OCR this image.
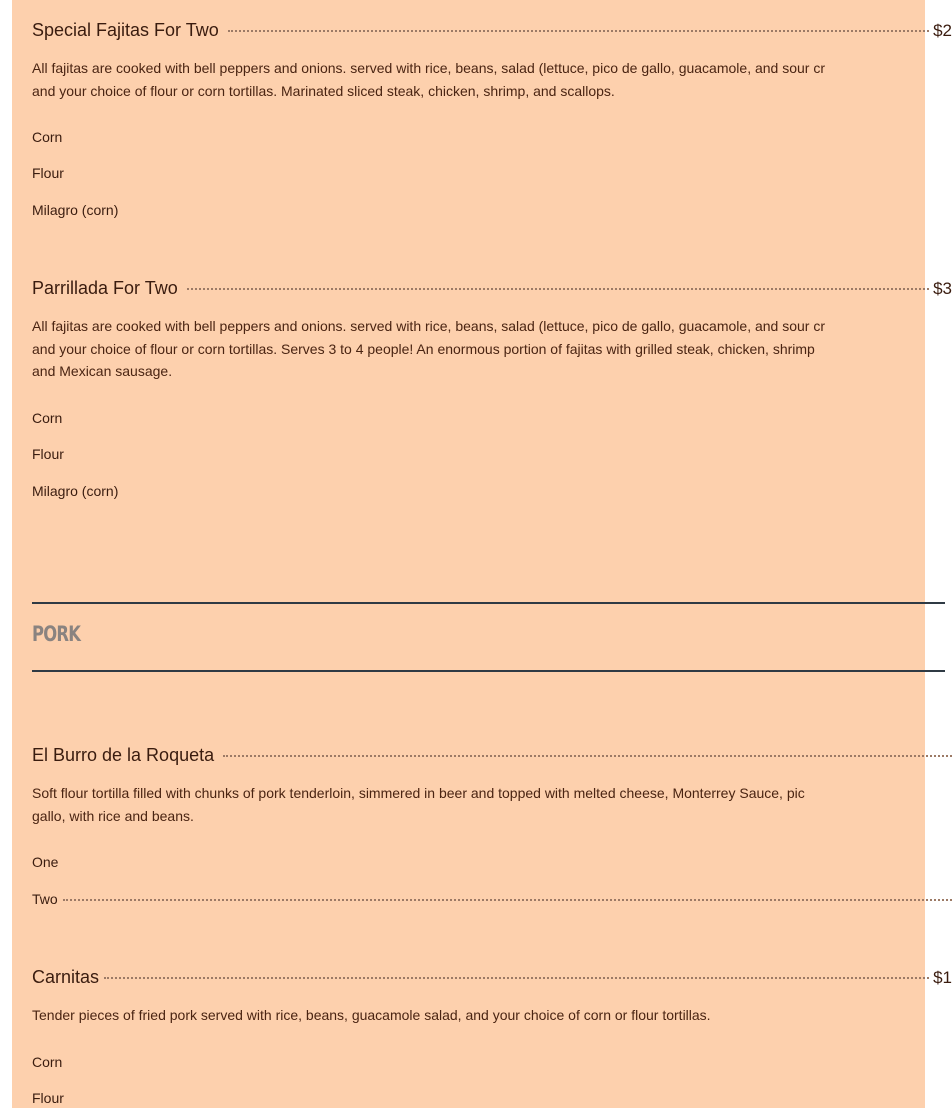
Special Fajitas For Two	$2
All fajitas are cooked with bell peppers and onions. served with rice, beans, salad (lettuce, pico de gallo, guacamole, and sour cr
and your choice of flour or corn tortillas. Marinated sliced steak, chicken, shrimp, and scallops.
Corn
Flour
Milagro (corn)
Parrillada For Two	$3
All fajitas are cooked with bell peppers and onions. served with rice, beans, salad (lettuce, pico de gallo, guacamole, and sour cr
and your choice of flour or corn tortillas. Serves 3 to 4 people! An enormous portion of fajitas with grilled steak, chicken, shrimp
and Mexican sausage.
Corn
Flour
Milagro (corn)
PORK
El Burro de la Roqueta
Soft flour tortilla filled with chunks of pork tenderloin, simmered in beer and topped with melted cheese, Monterrey Sauce, pic
gallo, with rice and beans.
One
Two
Carnitas	$1
Tender pieces of fried pork served with rice, beans, guacamole salad, and your choice of corn or flour tortillas.
Corn
Flour
